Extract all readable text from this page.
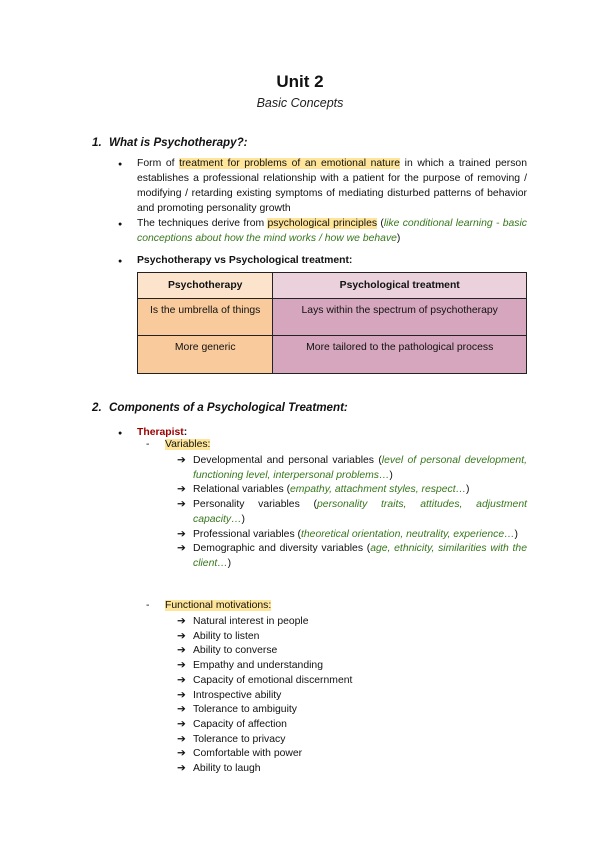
Unit 2
Basic Concepts
1. What is Psychotherapy?:
● Form of treatment for problems of an emotional nature in which a trained person establishes a professional relationship with a patient for the purpose of removing / modifying / retarding existing symptoms of mediating disturbed patterns of behavior and promoting personality growth
● The techniques derive from psychological principles (like conditional learning - basic conceptions about how the mind works / how we behave)
● Psychotherapy vs Psychological treatment:
Psychotherapy	Psychological treatment
Is the umbrella of things	Lays within the spectrum of psychotherapy
More generic	More tailored to the pathological process
2. Components of a Psychological Treatment:
● Therapist:
- Variables:
➔ Developmental and personal variables (level of personal development, functioning level, interpersonal problems…)
➔ Relational variables (empathy, attachment styles, respect…)
➔ Personality variables (personality traits, attitudes, adjustment capacity…)
➔ Professional variables (theoretical orientation, neutrality, experience…)
➔ Demographic and diversity variables (age, ethnicity, similarities with the client…)
- Functional motivations:
➔ Natural interest in people
➔ Ability to listen
➔ Ability to converse
➔ Empathy and understanding
➔ Capacity of emotional discernment
➔ Introspective ability
➔ Tolerance to ambiguity
➔ Capacity of affection
➔ Tolerance to privacy
➔ Comfortable with power
➔ Ability to laugh
